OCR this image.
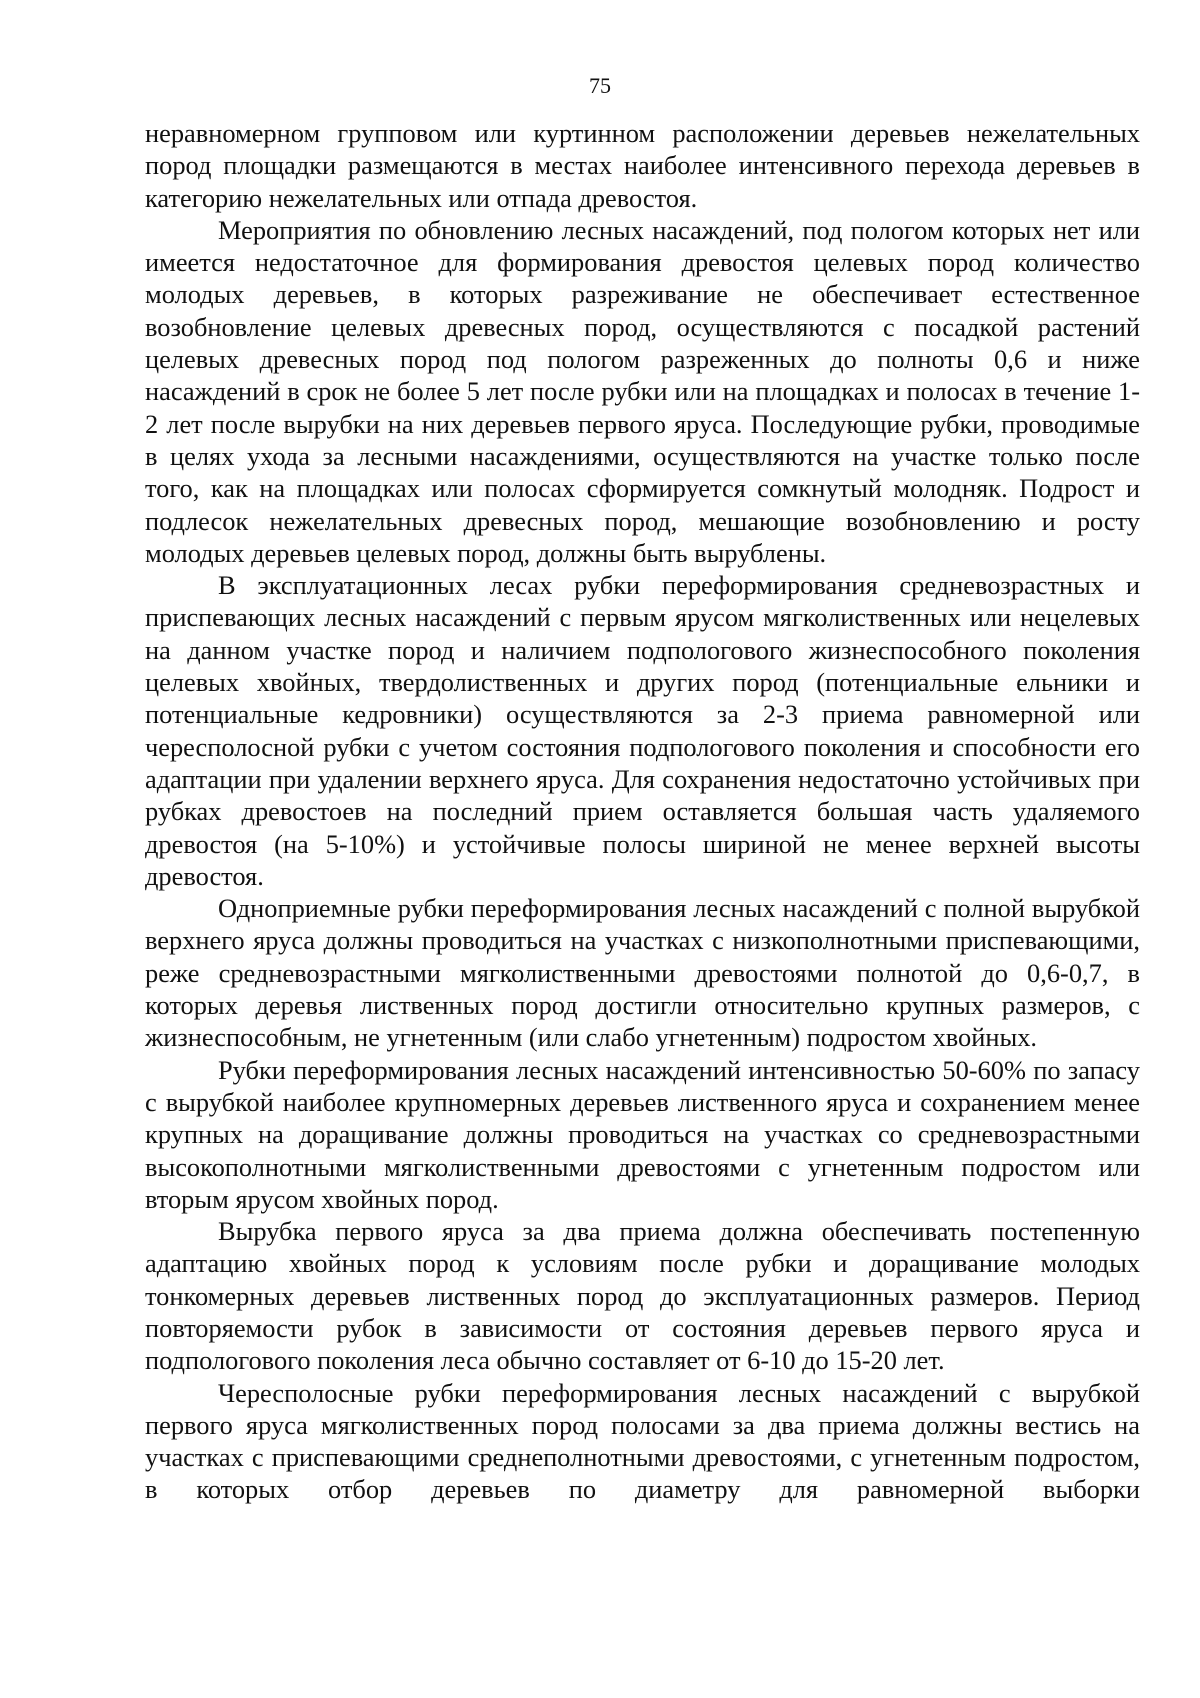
75

неравномерном групповом или куртинном расположении деревьев нежелательных пород площадки размещаются в местах наиболее интенсивного перехода деревьев в категорию нежелательных или отпада древостоя.

Мероприятия по обновлению лесных насаждений, под пологом которых нет или имеется недостаточное для формирования древостоя целевых пород количество молодых деревьев, в которых разреживание не обеспечивает естественное возобновление целевых древесных пород, осуществляются с посадкой растений целевых древесных пород под пологом разреженных до полноты 0,6 и ниже насаждений в срок не более 5 лет после рубки или на площадках и полосах в течение 1-2 лет после вырубки на них деревьев первого яруса. Последующие рубки, проводимые в целях ухода за лесными насаждениями, осуществляются на участке только после того, как на площадках или полосах сформируется сомкнутый молодняк. Подрост и подлесок нежелательных древесных пород, мешающие возобновлению и росту молодых деревьев целевых пород, должны быть вырублены.

В эксплуатационных лесах рубки переформирования средневозрастных и приспевающих лесных насаждений с первым ярусом мягколиственных или нецелевых на данном участке пород и наличием подпологового жизнеспособного поколения целевых хвойных, твердолиственных и других пород (потенциальные ельники и потенциальные кедровники) осуществляются за 2-3 приема равномерной или чересполосной рубки с учетом состояния подпологового поколения и способности его адаптации при удалении верхнего яруса. Для сохранения недостаточно устойчивых при рубках древостоев на последний прием оставляется большая часть удаляемого древостоя (на 5-10%) и устойчивые полосы шириной не менее верхней высоты древостоя.

Одноприемные рубки переформирования лесных насаждений с полной вырубкой верхнего яруса должны проводиться на участках с низкополнотными приспевающими, реже средневозрастными мягколиственными древостоями полнотой до 0,6-0,7, в которых деревья лиственных пород достигли относительно крупных размеров, с жизнеспособным, не угнетенным (или слабо угнетенным) подростом хвойных.

Рубки переформирования лесных насаждений интенсивностью 50-60% по запасу с вырубкой наиболее крупномерных деревьев лиственного яруса и сохранением менее крупных на доращивание должны проводиться на участках со средневозрастными высокополнотными мягколиственными древостоями с угнетенным подростом или вторым ярусом хвойных пород.

Вырубка первого яруса за два приема должна обеспечивать постепенную адаптацию хвойных пород к условиям после рубки и доращивание молодых тонкомерных деревьев лиственных пород до эксплуатационных размеров. Период повторяемости рубок в зависимости от состояния деревьев первого яруса и подпологового поколения леса обычно составляет от 6-10 до 15-20 лет.

Чересполосные рубки переформирования лесных насаждений с вырубкой первого яруса мягколиственных пород полосами за два приема должны вестись на участках с приспевающими среднеполнотными древостоями, с угнетенным подростом, в которых отбор деревьев по диаметру для равномерной выборки
